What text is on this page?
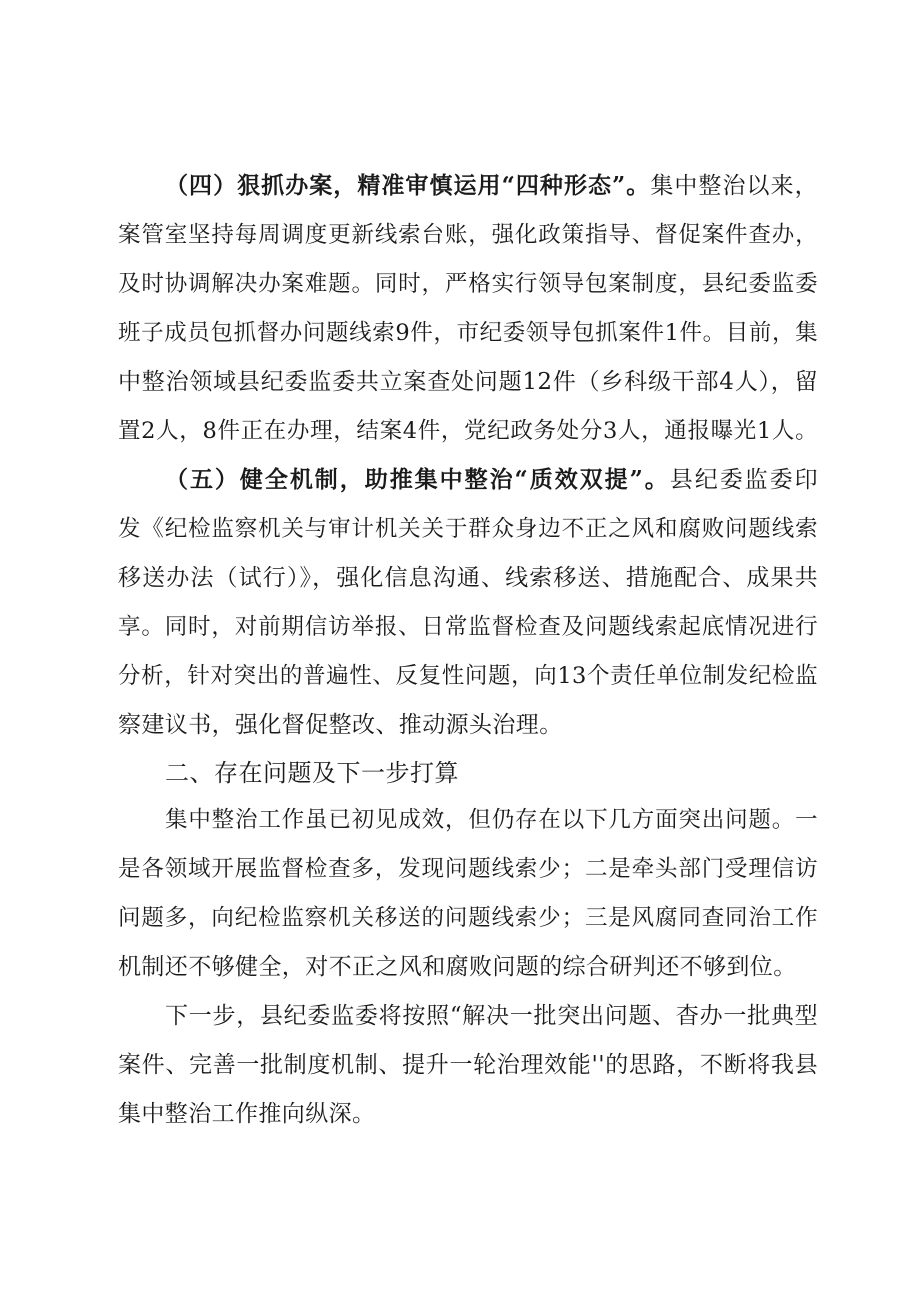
（四）狠抓办案，精准审慎运用“四种形态”。集中整治以来，
案管室坚持每周调度更新线索台账，强化政策指导、督促案件查办，
及时协调解决办案难题。同时，严格实行领导包案制度，县纪委监委
班子成员包抓督办问题线索9件，市纪委领导包抓案件1件。目前，集
中整治领域县纪委监委共立案查处问题12件（乡科级干部4人），留
置2人，8件正在办理，结案4件，党纪政务处分3人，通报曝光1人。
（五）健全机制，助推集中整治“质效双提”。县纪委监委印
发《纪检监察机关与审计机关关于群众身边不正之风和腐败问题线索
移送办法（试行）》，强化信息沟通、线索移送、措施配合、成果共
享。同时，对前期信访举报、日常监督检查及问题线索起底情况进行
分析，针对突出的普遍性、反复性问题，向13个责任单位制发纪检监
察建议书，强化督促整改、推动源头治理。
二、存在问题及下一步打算
集中整治工作虽已初见成效，但仍存在以下几方面突出问题。一
是各领域开展监督检查多，发现问题线索少；二是牵头部门受理信访
问题多，向纪检监察机关移送的问题线索少；三是风腐同查同治工作
机制还不够健全，对不正之风和腐败问题的综合研判还不够到位。
下一步，县纪委监委将按照“解决一批突出问题、杳办一批典型
案件、完善一批制度机制、提升一轮治理效能''的思路，不断将我县
集中整治工作推向纵深。
